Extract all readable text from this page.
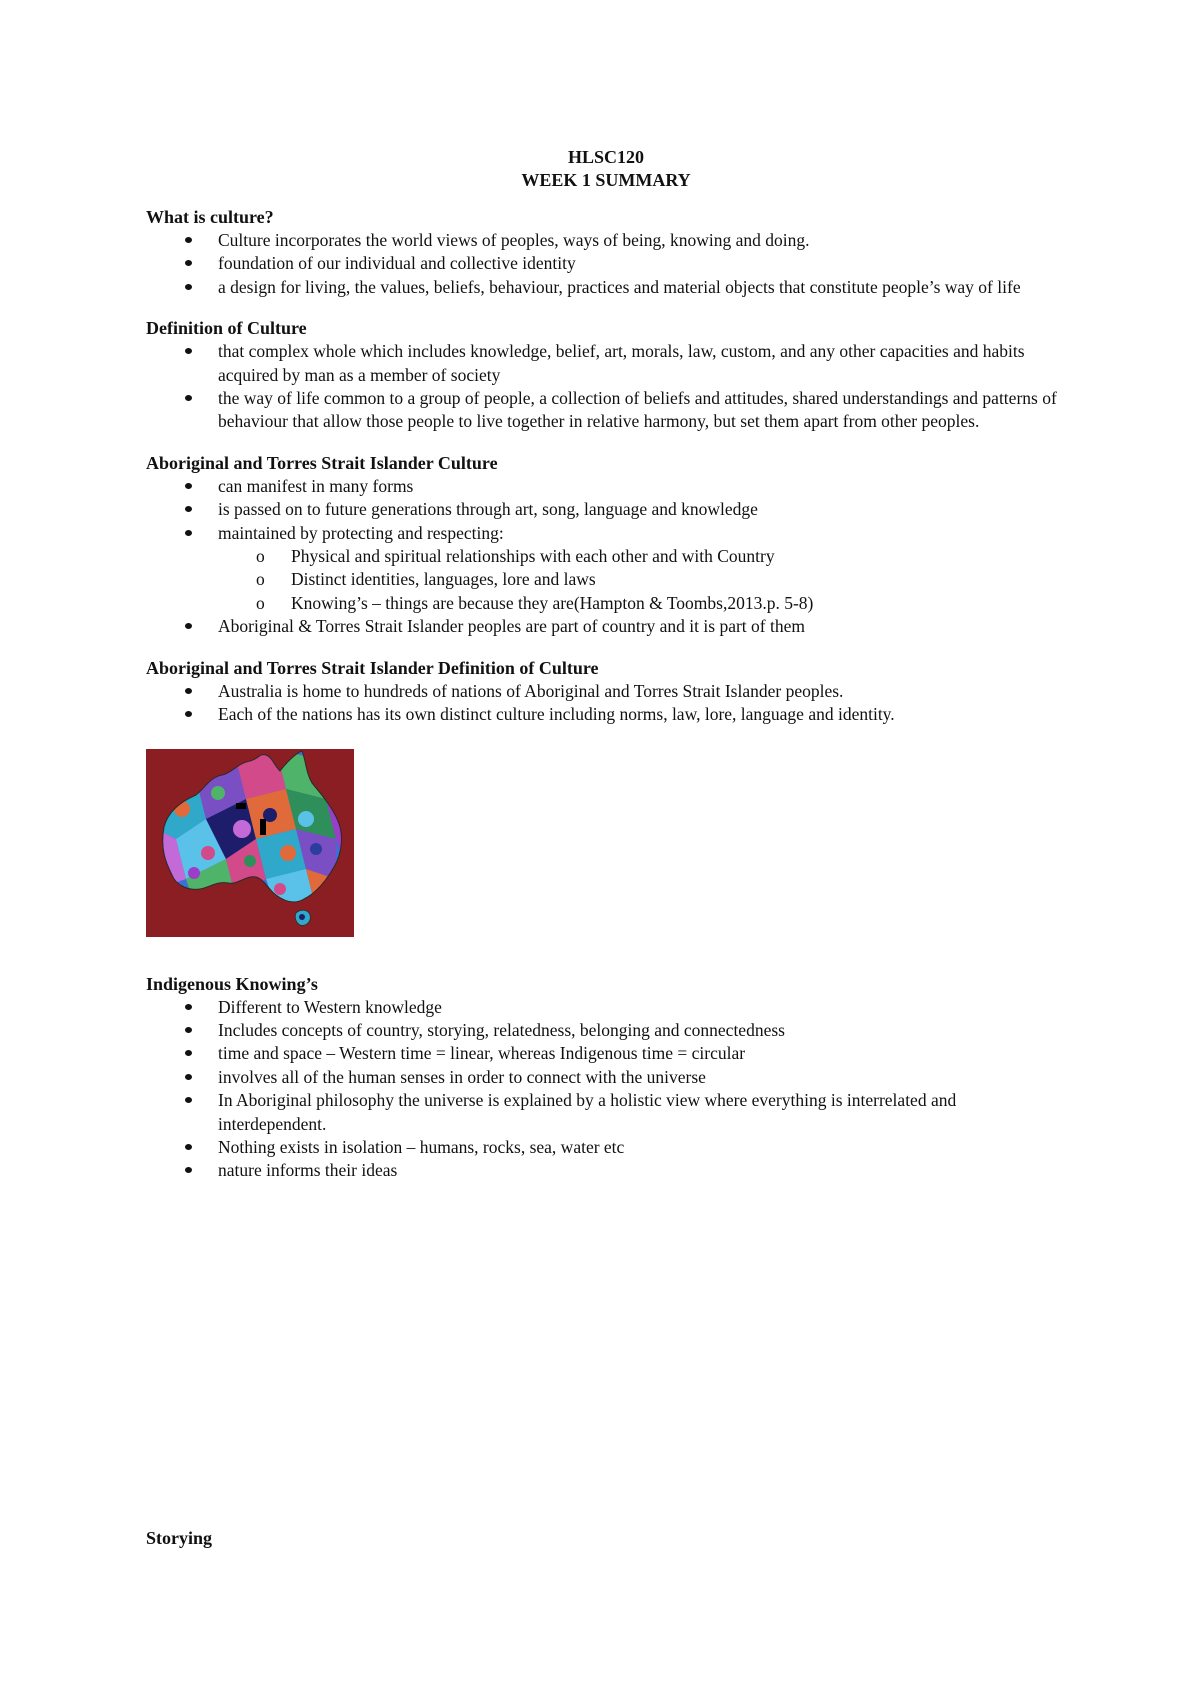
HLSC120
WEEK 1 SUMMARY
What is culture?
Culture incorporates the world views of peoples, ways of being, knowing and doing.
foundation of our individual and collective identity
a design for living, the values, beliefs, behaviour, practices and material objects that constitute people’s way of life
Definition of Culture
that complex whole which includes knowledge, belief, art, morals, law, custom, and any other capacities and habits acquired by man as a member of society
the way of life common to a group of people, a collection of beliefs and attitudes, shared understandings and patterns of behaviour that allow those people to live together in relative harmony, but set them apart from other peoples.
Aboriginal and Torres Strait Islander Culture
can manifest in many forms
is passed on to future generations through art, song, language and knowledge
maintained by protecting and respecting:
o Physical and spiritual relationships with each other and with Country
o Distinct identities, languages, lore and laws
o Knowing’s – things are because they are(Hampton & Toombs,2013.p. 5-8)
Aboriginal & Torres Strait Islander peoples are part of country and it is part of them
Aboriginal and Torres Strait Islander Definition of Culture
Australia is home to hundreds of nations of Aboriginal and Torres Strait Islander peoples.
Each of the nations has its own distinct culture including norms, law, lore, language and identity.
Indigenous Knowing’s
Different to Western knowledge
Includes concepts of country, storying, relatedness, belonging and connectedness
time and space – Western time = linear, whereas Indigenous time = circular
involves all of the human senses in order to connect with the universe
In Aboriginal philosophy the universe is explained by a holistic view where everything is interrelated and interdependent.
Nothing exists in isolation – humans, rocks, sea, water etc
nature informs their ideas
Storying
